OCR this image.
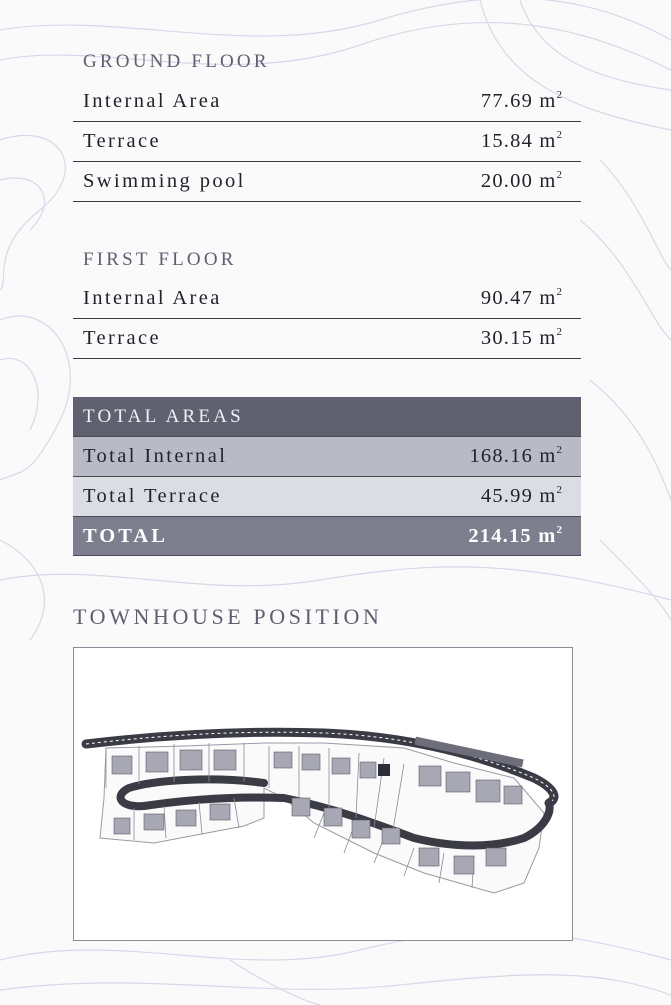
GROUND FLOOR
Internal Area	77.69 $m^2$
Terrace	15.84 $m^2$
Swimming pool	20.00 $m^2$
FIRST FLOOR
Internal Area	90.47 $m^2$
Terrace	30.15 $m^2$
TOTAL AREAS
Total Internal	168.16 $m^2$
Total Terrace	45.99 $m^2$
TOTAL	214.15 $m^2$
TOWNHOUSE POSITION
